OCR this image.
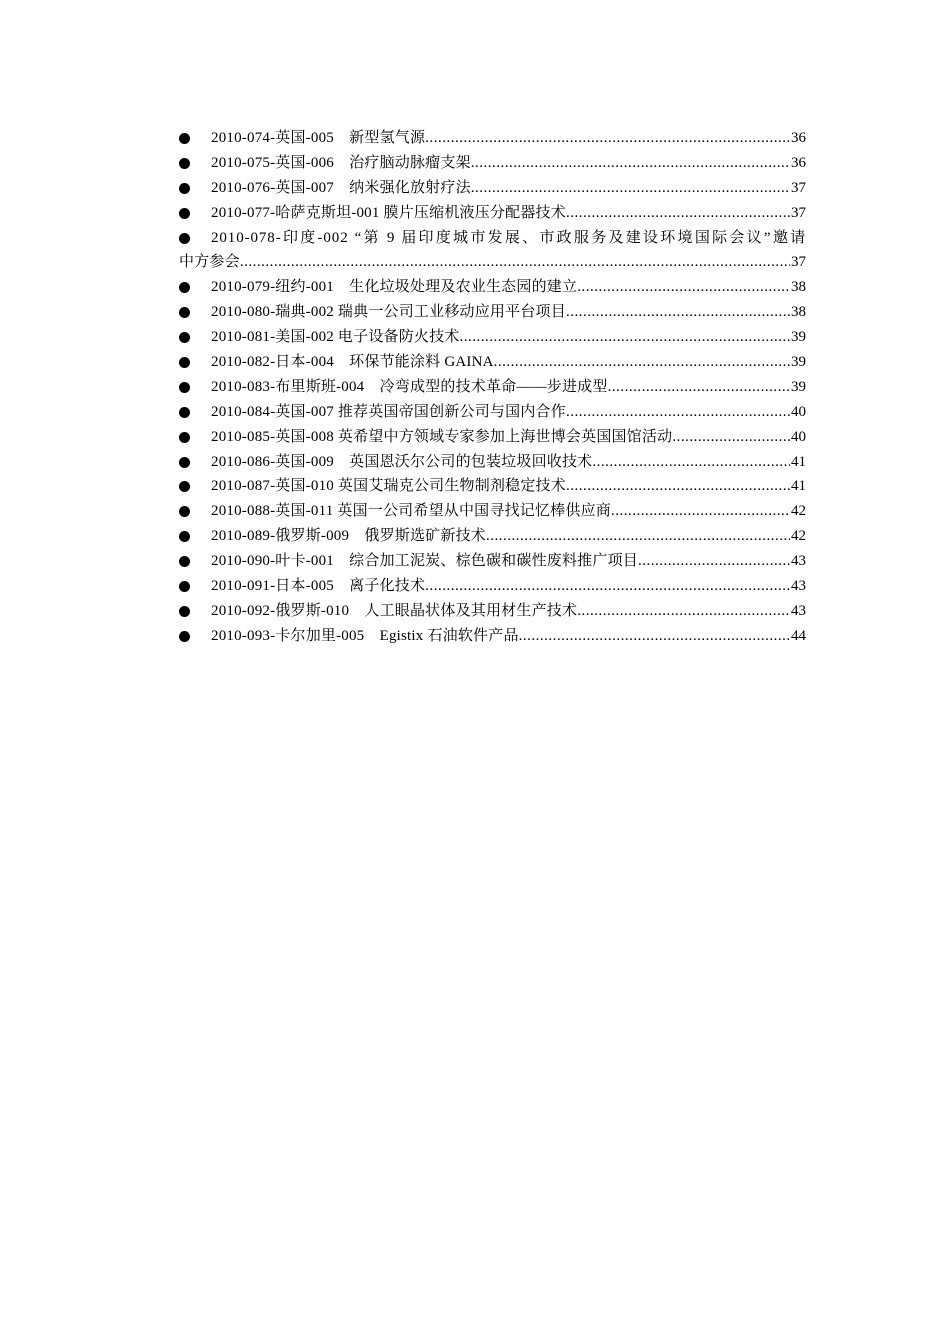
2010-074-英国-005　新型氢气源 .....	36
2010-075-英国-006　治疗脑动脉瘤支架 .....	36
2010-076-英国-007　纳米强化放射疗法 .....	37
2010-077-哈萨克斯坦-001 膜片压缩机液压分配器技术 .....	37
2010-078-印度-002 “第 9 届印度城市发展、市政服务及建设环境国际会议”邀请
中方参会 .....	37
2010-079-纽约-001　生化垃圾处理及农业生态园的建立 .....	38
2010-080-瑞典-002 瑞典一公司工业移动应用平台项目 .....	38
2010-081-美国-002 电子设备防火技术 .....	39
2010-082-日本-004　环保节能涂料 GAINA .....	39
2010-083-布里斯班-004　冷弯成型的技术革命——步进成型 .....	39
2010-084-英国-007 推荐英国帝国创新公司与国内合作 .....	40
2010-085-英国-008 英希望中方领域专家参加上海世博会英国国馆活动 .....	40
2010-086-英国-009　英国恩沃尔公司的包装垃圾回收技术 .....	41
2010-087-英国-010 英国艾瑞克公司生物制剂稳定技术 .....	41
2010-088-英国-011 英国一公司希望从中国寻找记忆棒供应商 .....	42
2010-089-俄罗斯-009　俄罗斯选矿新技术 .....	42
2010-090-叶卡-001　综合加工泥炭、棕色碳和碳性废料推广项目 .....	43
2010-091-日本-005　离子化技术 .....	43
2010-092-俄罗斯-010　人工眼晶状体及其用材生产技术 .....	43
2010-093-卡尔加里-005　Egistix 石油软件产品 .....	44
